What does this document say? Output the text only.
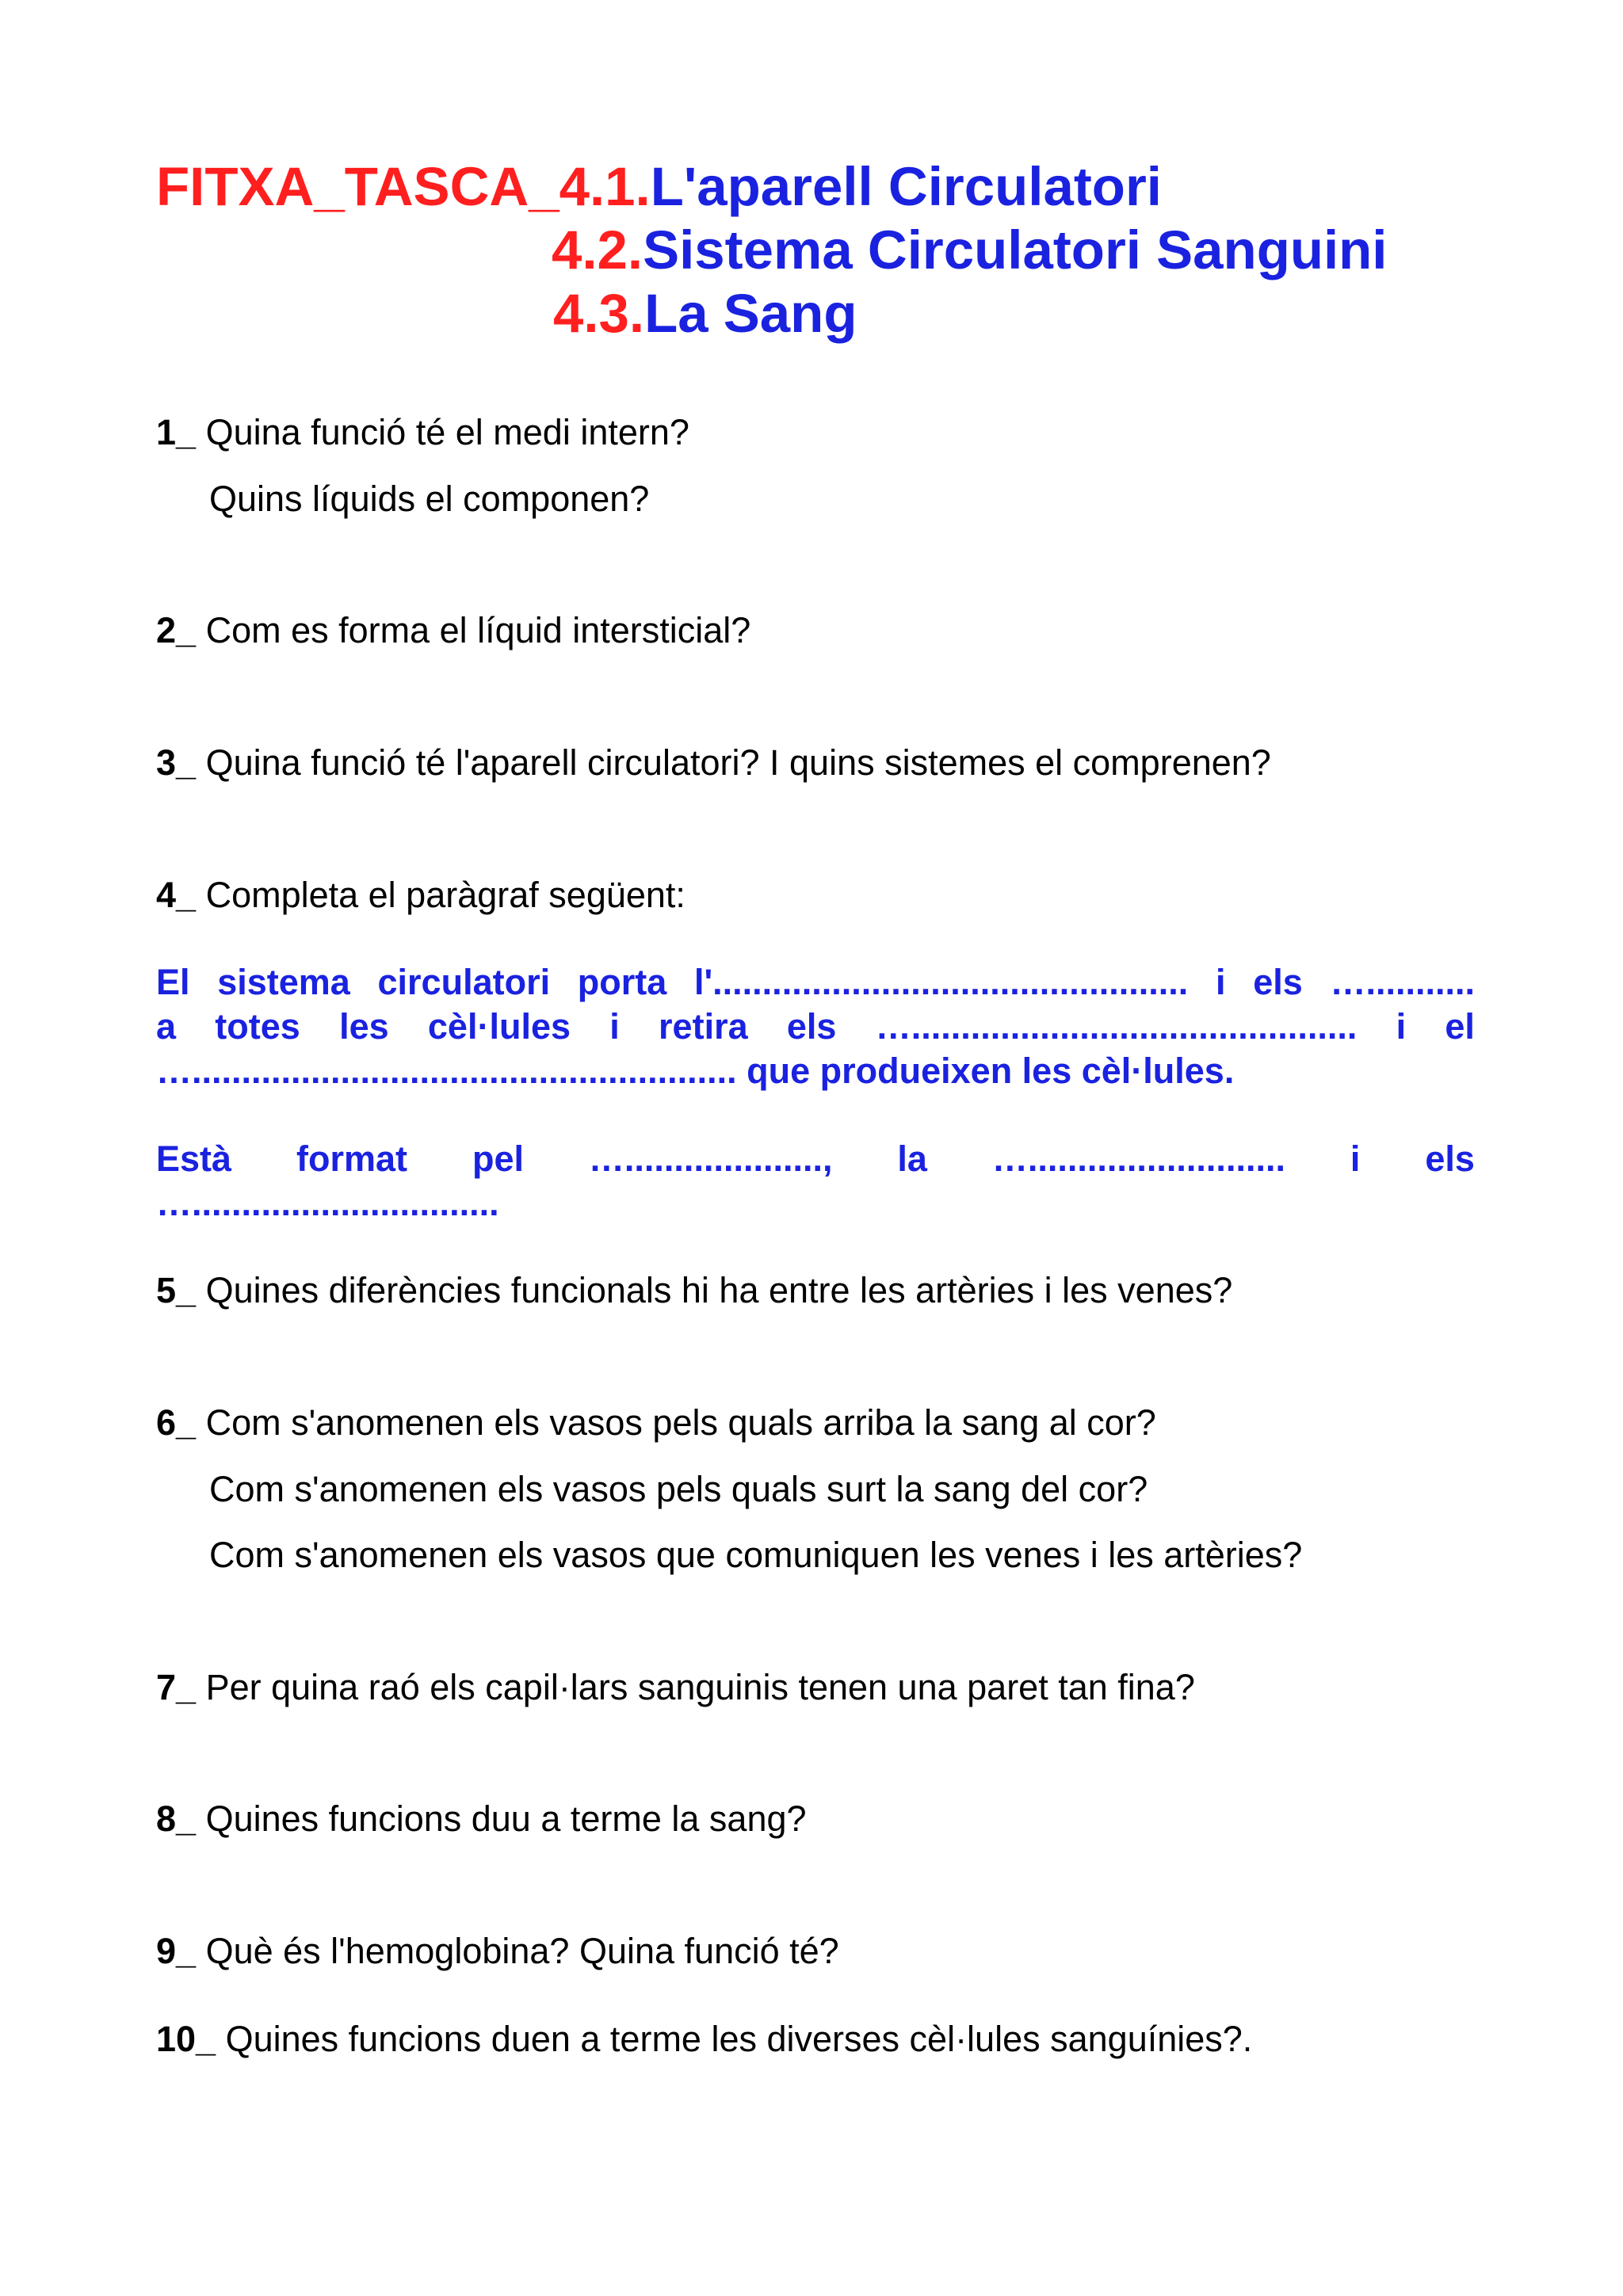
FITXA_TASCA_4.1.L'aparell Circulatori
4.2.Sistema Circulatori Sanguini
4.3.La Sang
1_ Quina funció té el medi intern?
Quins líquids el componen?
2_ Com es forma el líquid intersticial?
3_ Quina funció té l'aparell circulatori? I quins sistemes el comprenen?
4_ Completa el paràgraf següent:
El sistema circulatori porta l'................................................ i els …...........
a totes les cèl·lules i retira els …............................................. i el
…....................................................... que produeixen les cèl·lules.
Està format pel …...................., la ….......................... i els
…...............................
5_ Quines diferències funcionals hi ha entre les artèries i les venes?
6_ Com s'anomenen els vasos pels quals arriba la sang al cor?
Com s'anomenen els vasos pels quals surt la sang del cor?
Com s'anomenen els vasos que comuniquen les venes i les artèries?
7_ Per quina raó els capil·lars sanguinis tenen una paret tan fina?
8_ Quines funcions duu a terme la sang?
9_ Què és l'hemoglobina? Quina funció té?
10_ Quines funcions duen a terme les diverses cèl·lules sanguínies?.
